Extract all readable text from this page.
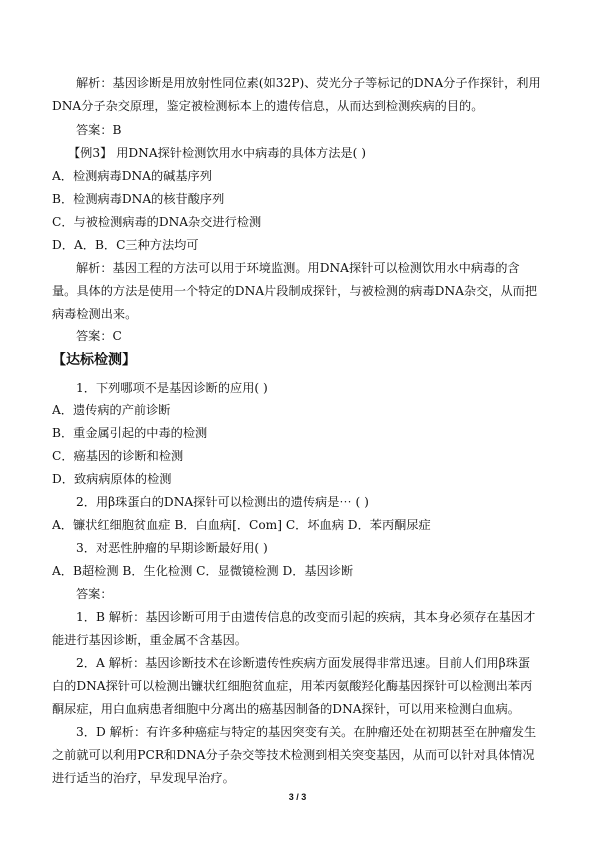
解析：基因诊断是用放射性同位素(如32P)、荧光分子等标记的DNA分子作探针，利用
DNA分子杂交原理，鉴定被检测标本上的遗传信息，从而达到检测疾病的目的。
答案：B
【例3】 用DNA探针检测饮用水中病毒的具体方法是( )
A．检测病毒DNA的碱基序列
B．检测病毒DNA的核苷酸序列
C．与被检测病毒的DNA杂交进行检测
D．A．B．C三种方法均可
解析：基因工程的方法可以用于环境监测。用DNA探针可以检测饮用水中病毒的含
量。具体的方法是使用一个特定的DNA片段制成探针，与被检测的病毒DNA杂交，从而把
病毒检测出来。
答案：C
【达标检测】
1．下列哪项不是基因诊断的应用( )
A．遗传病的产前诊断
B．重金属引起的中毒的检测
C．癌基因的诊断和检测
D．致病病原体的检测
2．用β珠蛋白的DNA探针可以检测出的遗传病是⋯ ( )
A．镰状红细胞贫血症 B．白血病[．Com] C．坏血病 D．苯丙酮尿症
3．对恶性肿瘤的早期诊断最好用( )
A．B超检测 B．生化检测 C．显微镜检测 D．基因诊断
答案：
1．B 解析：基因诊断可用于由遗传信息的改变而引起的疾病，其本身必须存在基因才
能进行基因诊断，重金属不含基因。
2．A 解析：基因诊断技术在诊断遗传性疾病方面发展得非常迅速。目前人们用β珠蛋
白的DNA探针可以检测出镰状红细胞贫血症，用苯丙氨酸羟化酶基因探针可以检测出苯丙
酮尿症，用白血病患者细胞中分离出的癌基因制备的DNA探针，可以用来检测白血病。
3．D 解析：有许多种癌症与特定的基因突变有关。在肿瘤还处在初期甚至在肿瘤发生
之前就可以利用PCR和DNA分子杂交等技术检测到相关突变基因，从而可以针对具体情况
3 / 3
进行适当的治疗，早发现早治疗。
